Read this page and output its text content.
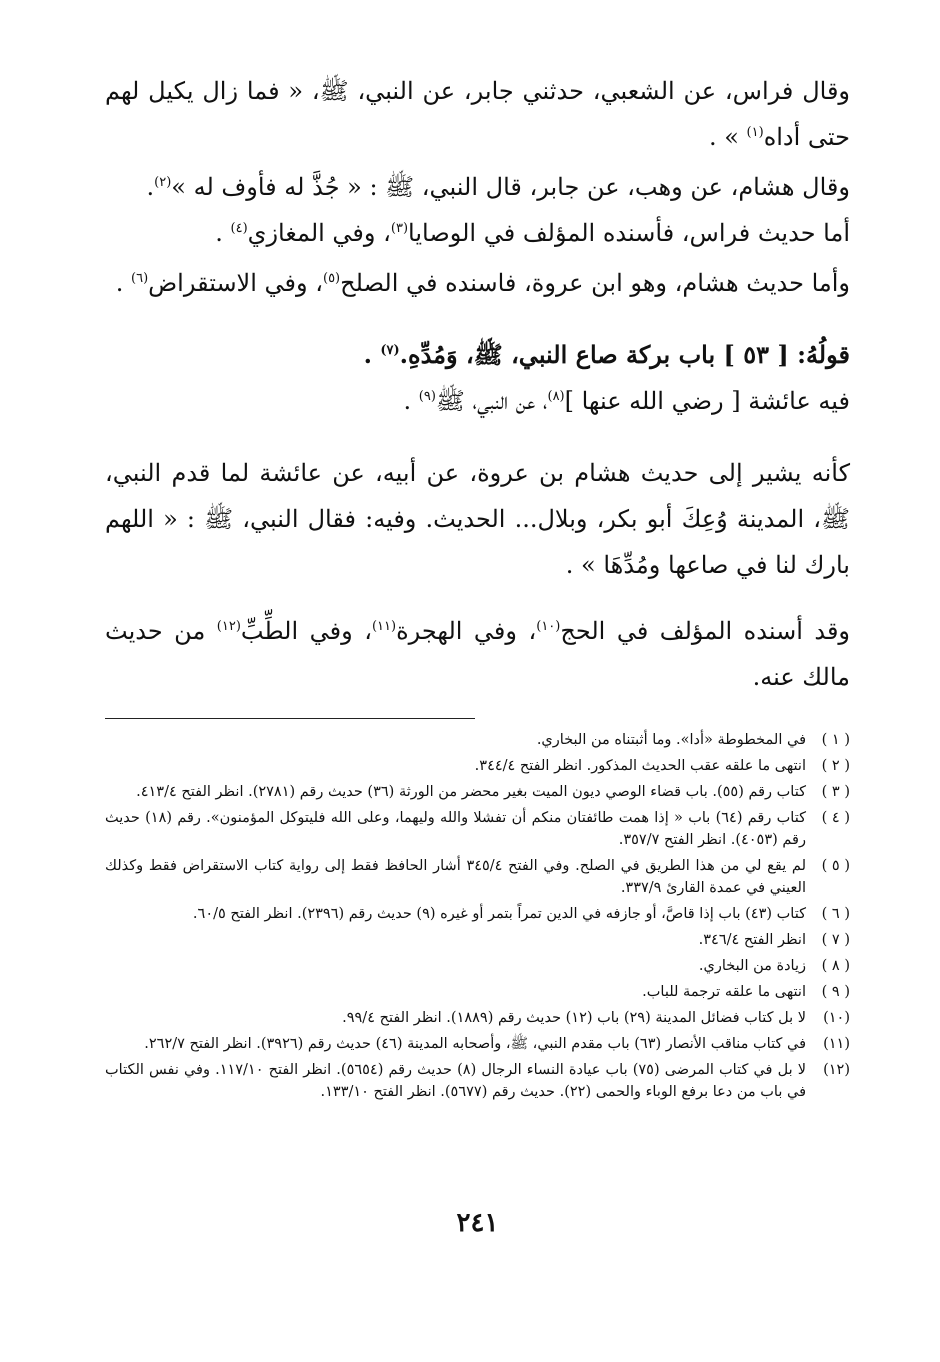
وقال فراس، عن الشعبي، حدثني جابر، عن النبي، ﷺ، « فما زال يكيل لهم حتى أداه$^{(١)}$ » .

وقال هشام، عن وهب، عن جابر، قال النبي، ﷺ : « جُذَّ له فأوف له »$^{(٢)}$.

أما حديث فراس، فأسنده المؤلف في الوصايا$^{(٣)}$، وفي المغازي$^{(٤)}$ .

وأما حديث هشام، وهو ابن عروة، فاسنده في الصلح$^{(٥)}$، وفي الاستقراض$^{(٦)}$ .

قولُهُ: [ ٥٣ ] باب بركة صاع النبي، ﷺ، وَمُدِّهِ.$^{(٧)}$ .

فيه عائشة [ رضي الله عنها ]$^{(٨)}$، عن النبي، ﷺ$^{(٩)}$ .

كأنه يشير إلى حديث هشام بن عروة، عن أبيه، عن عائشة لما قدم النبي، ﷺ، المدينة وُعِكَ أبو بكر، وبلال... الحديث. وفيه: فقال النبي، ﷺ : « اللهم بارك لنا في صاعها ومُدِّهَا » .

وقد أسنده المؤلف في الحج$^{(١٠)}$، وفي الهجرة$^{(١١)}$، وفي الطِّبِّ$^{(١٢)}$ من حديث مالك عنه.

( ١ )
في المخطوطة «أدا». وما أثبتناه من البخاري.
( ٢ )
انتهى ما علقه عقب الحديث المذكور. انظر الفتح ٣٤٤/٤.
( ٣ )
كتاب رقم (٥٥). باب قضاء الوصي ديون الميت بغير محضر من الورثة (٣٦) حديث رقم (٢٧٨١). انظر الفتح ٤١٣/٤.
( ٤ )
كتاب رقم (٦٤) باب « إذا همت طائفتان منكم أن تفشلا والله وليهما، وعلى الله فليتوكل المؤمنون». رقم (١٨) حديث رقم (٤٠٥٣). انظر الفتح ٣٥٧/٧.
( ٥ )
لم يقع لي من هذا الطريق في الصلح. وفي الفتح ٣٤٥/٤ أشار الحافظ فقط إلى رواية كتاب الاستقراض فقط وكذلك العيني في عمدة القارئ ٣٣٧/٩.
( ٦ )
كتاب (٤٣) باب إذا قاصَّ، أو جازفه في الدين تمراً بتمر أو غيره (٩) حديث رقم (٢٣٩٦). انظر الفتح ٦٠/٥.
( ٧ )
انظر الفتح ٣٤٦/٤.
( ٨ )
زيادة من البخاري.
( ٩ )
انتهى ما علقه ترجمة للباب.
(١٠)
لا بل كتاب فضائل المدينة (٢٩) باب (١٢) حديث رقم (١٨٨٩). انظر الفتح ٩٩/٤.
(١١)
في كتاب مناقب الأنصار (٦٣) باب مقدم النبي، ﷺ، وأصحابه المدينة (٤٦) حديث رقم (٣٩٢٦). انظر الفتح ٢٦٢/٧.
(١٢)
لا بل في كتاب المرضى (٧٥) باب عيادة النساء الرجال (٨) حديث رقم (٥٦٥٤). انظر الفتح ١١٧/١٠. وفي نفس الكتاب في باب من دعا برفع الوباء والحمى (٢٢). حديث رقم (٥٦٧٧). انظر الفتح ١٣٣/١٠.
٢٤١
